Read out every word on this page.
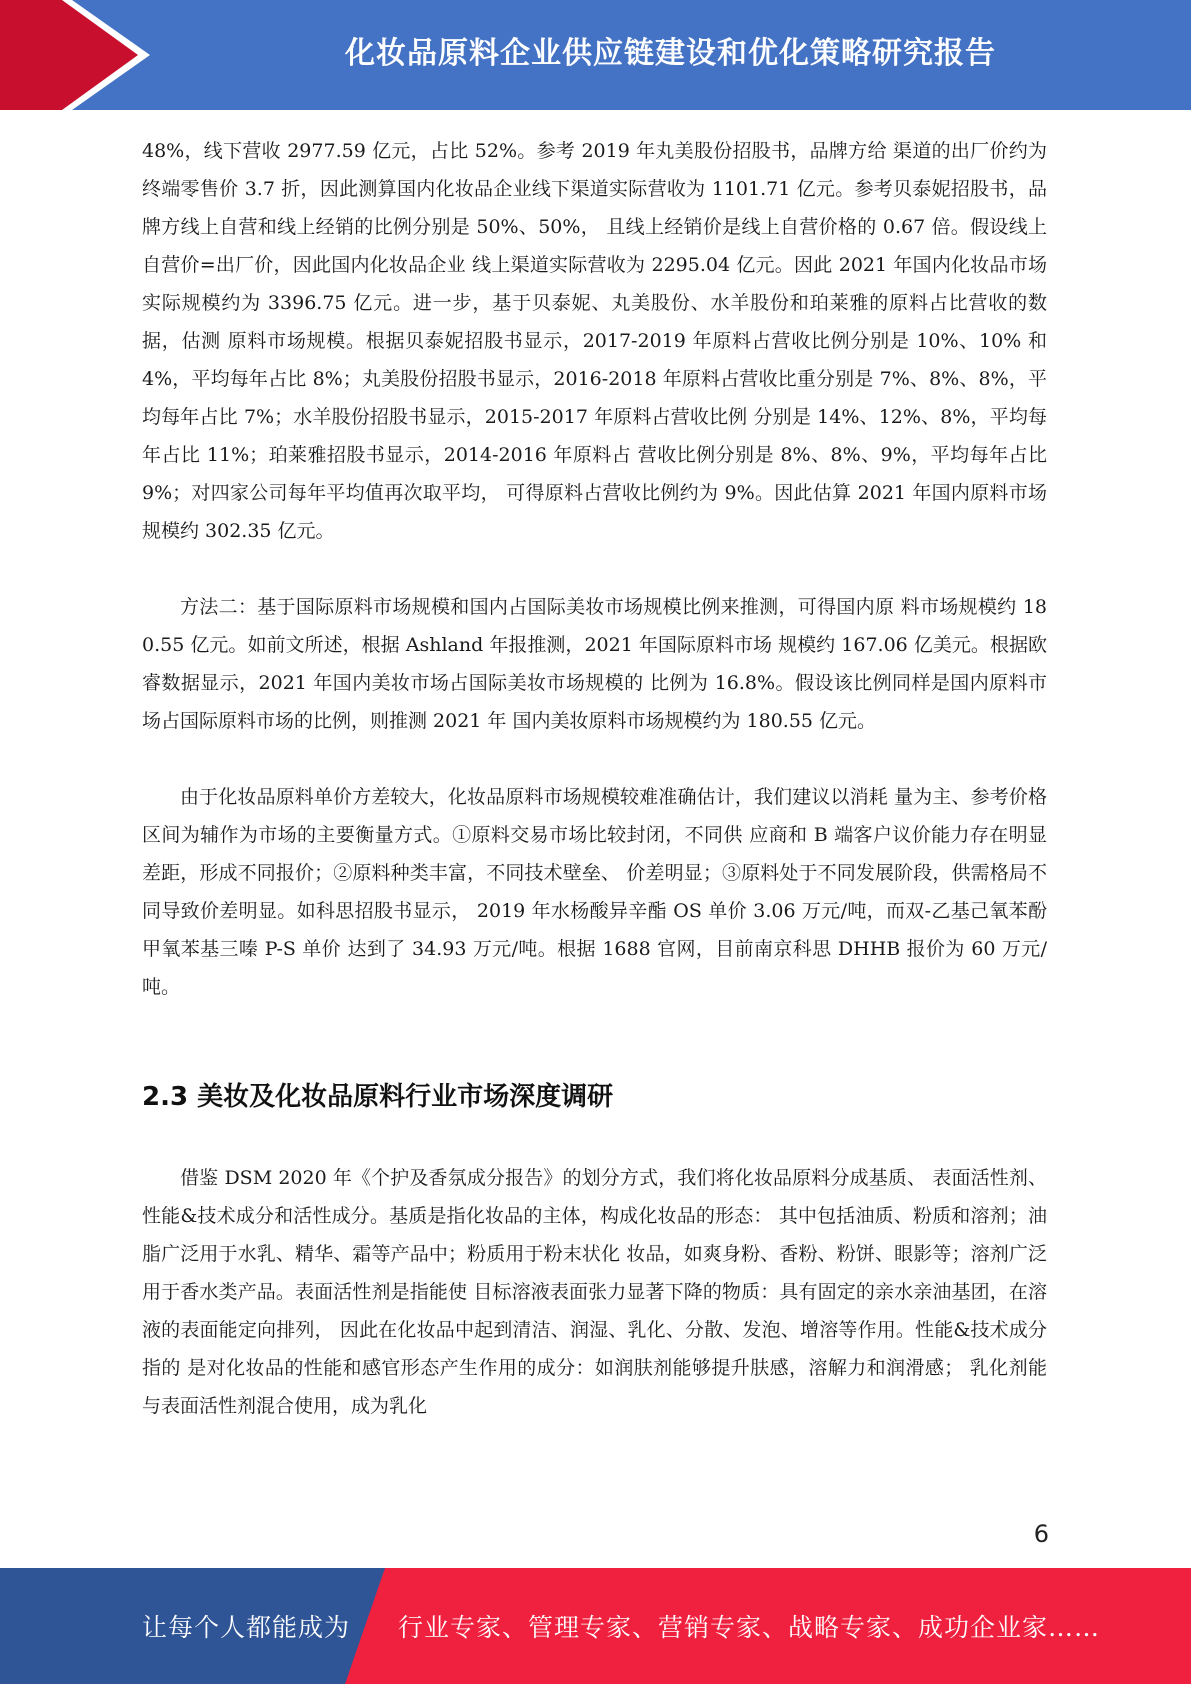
化妆品原料企业供应链建设和优化策略研究报告

48%，线下营收 2977.59 亿元，占比 52%。参考 2019 年丸美股份招股书，品牌方给 渠道的出厂价约为终端零售价 3.7 折，因此测算国内化妆品企业线下渠道实际营收为 1101.71 亿元。参考贝泰妮招股书，品牌方线上自营和线上经销的比例分别是 50%、50%， 且线上经销价是线上自营价格的 0.67 倍。假设线上自营价=出厂价，因此国内化妆品企业 线上渠道实际营收为 2295.04 亿元。因此 2021 年国内化妆品市场实际规模约为 3396.75 亿元。进一步，基于贝泰妮、丸美股份、水羊股份和珀莱雅的原料占比营收的数据，估测 原料市场规模。根据贝泰妮招股书显示，2017-2019 年原料占营收比例分别是 10%、10% 和 4%，平均每年占比 8%；丸美股份招股书显示，2016-2018 年原料占营收比重分别是 7%、8%、8%，平均每年占比 7%；水羊股份招股书显示，2015-2017 年原料占营收比例 分别是 14%、12%、8%，平均每年占比 11%；珀莱雅招股书显示，2014-2016 年原料占 营收比例分别是 8%、8%、9%，平均每年占比 9%；对四家公司每年平均值再次取平均， 可得原料占营收比例约为 9%。因此估算 2021 年国内原料市场规模约 302.35 亿元。

方法二：基于国际原料市场规模和国内占国际美妆市场规模比例来推测，可得国内原 料市场规模约 180.55 亿元。如前文所述，根据 Ashland 年报推测，2021 年国际原料市场 规模约 167.06 亿美元。根据欧睿数据显示，2021 年国内美妆市场占国际美妆市场规模的 比例为 16.8%。假设该比例同样是国内原料市场占国际原料市场的比例，则推测 2021 年 国内美妆原料市场规模约为 180.55 亿元。

由于化妆品原料单价方差较大，化妆品原料市场规模较难准确估计，我们建议以消耗 量为主、参考价格区间为辅作为市场的主要衡量方式。①原料交易市场比较封闭，不同供 应商和 B 端客户议价能力存在明显差距，形成不同报价；②原料种类丰富，不同技术壁垒、 价差明显；③原料处于不同发展阶段，供需格局不同导致价差明显。如科思招股书显示， 2019 年水杨酸异辛酯 OS 单价 3.06 万元/吨，而双-乙基己氧苯酚甲氧苯基三嗪 P-S 单价 达到了 34.93 万元/吨。根据 1688 官网，目前南京科思 DHHB 报价为 60 万元/吨。

2.3 美妆及化妆品原料行业市场深度调研

借鉴 DSM 2020 年《个护及香氛成分报告》的划分方式，我们将化妆品原料分成基质、 表面活性剂、性能&技术成分和活性成分。基质是指化妆品的主体，构成化妆品的形态： 其中包括油质、粉质和溶剂；油脂广泛用于水乳、精华、霜等产品中；粉质用于粉末状化 妆品，如爽身粉、香粉、粉饼、眼影等；溶剂广泛用于香水类产品。表面活性剂是指能使 目标溶液表面张力显著下降的物质：具有固定的亲水亲油基团，在溶液的表面能定向排列， 因此在化妆品中起到清洁、润湿、乳化、分散、发泡、增溶等作用。性能&技术成分指的 是对化妆品的性能和感官形态产生作用的成分：如润肤剂能够提升肤感，溶解力和润滑感； 乳化剂能与表面活性剂混合使用，成为乳化

6
让每个人都能成为 行业专家、管理专家、营销专家、战略专家、成功企业家……
